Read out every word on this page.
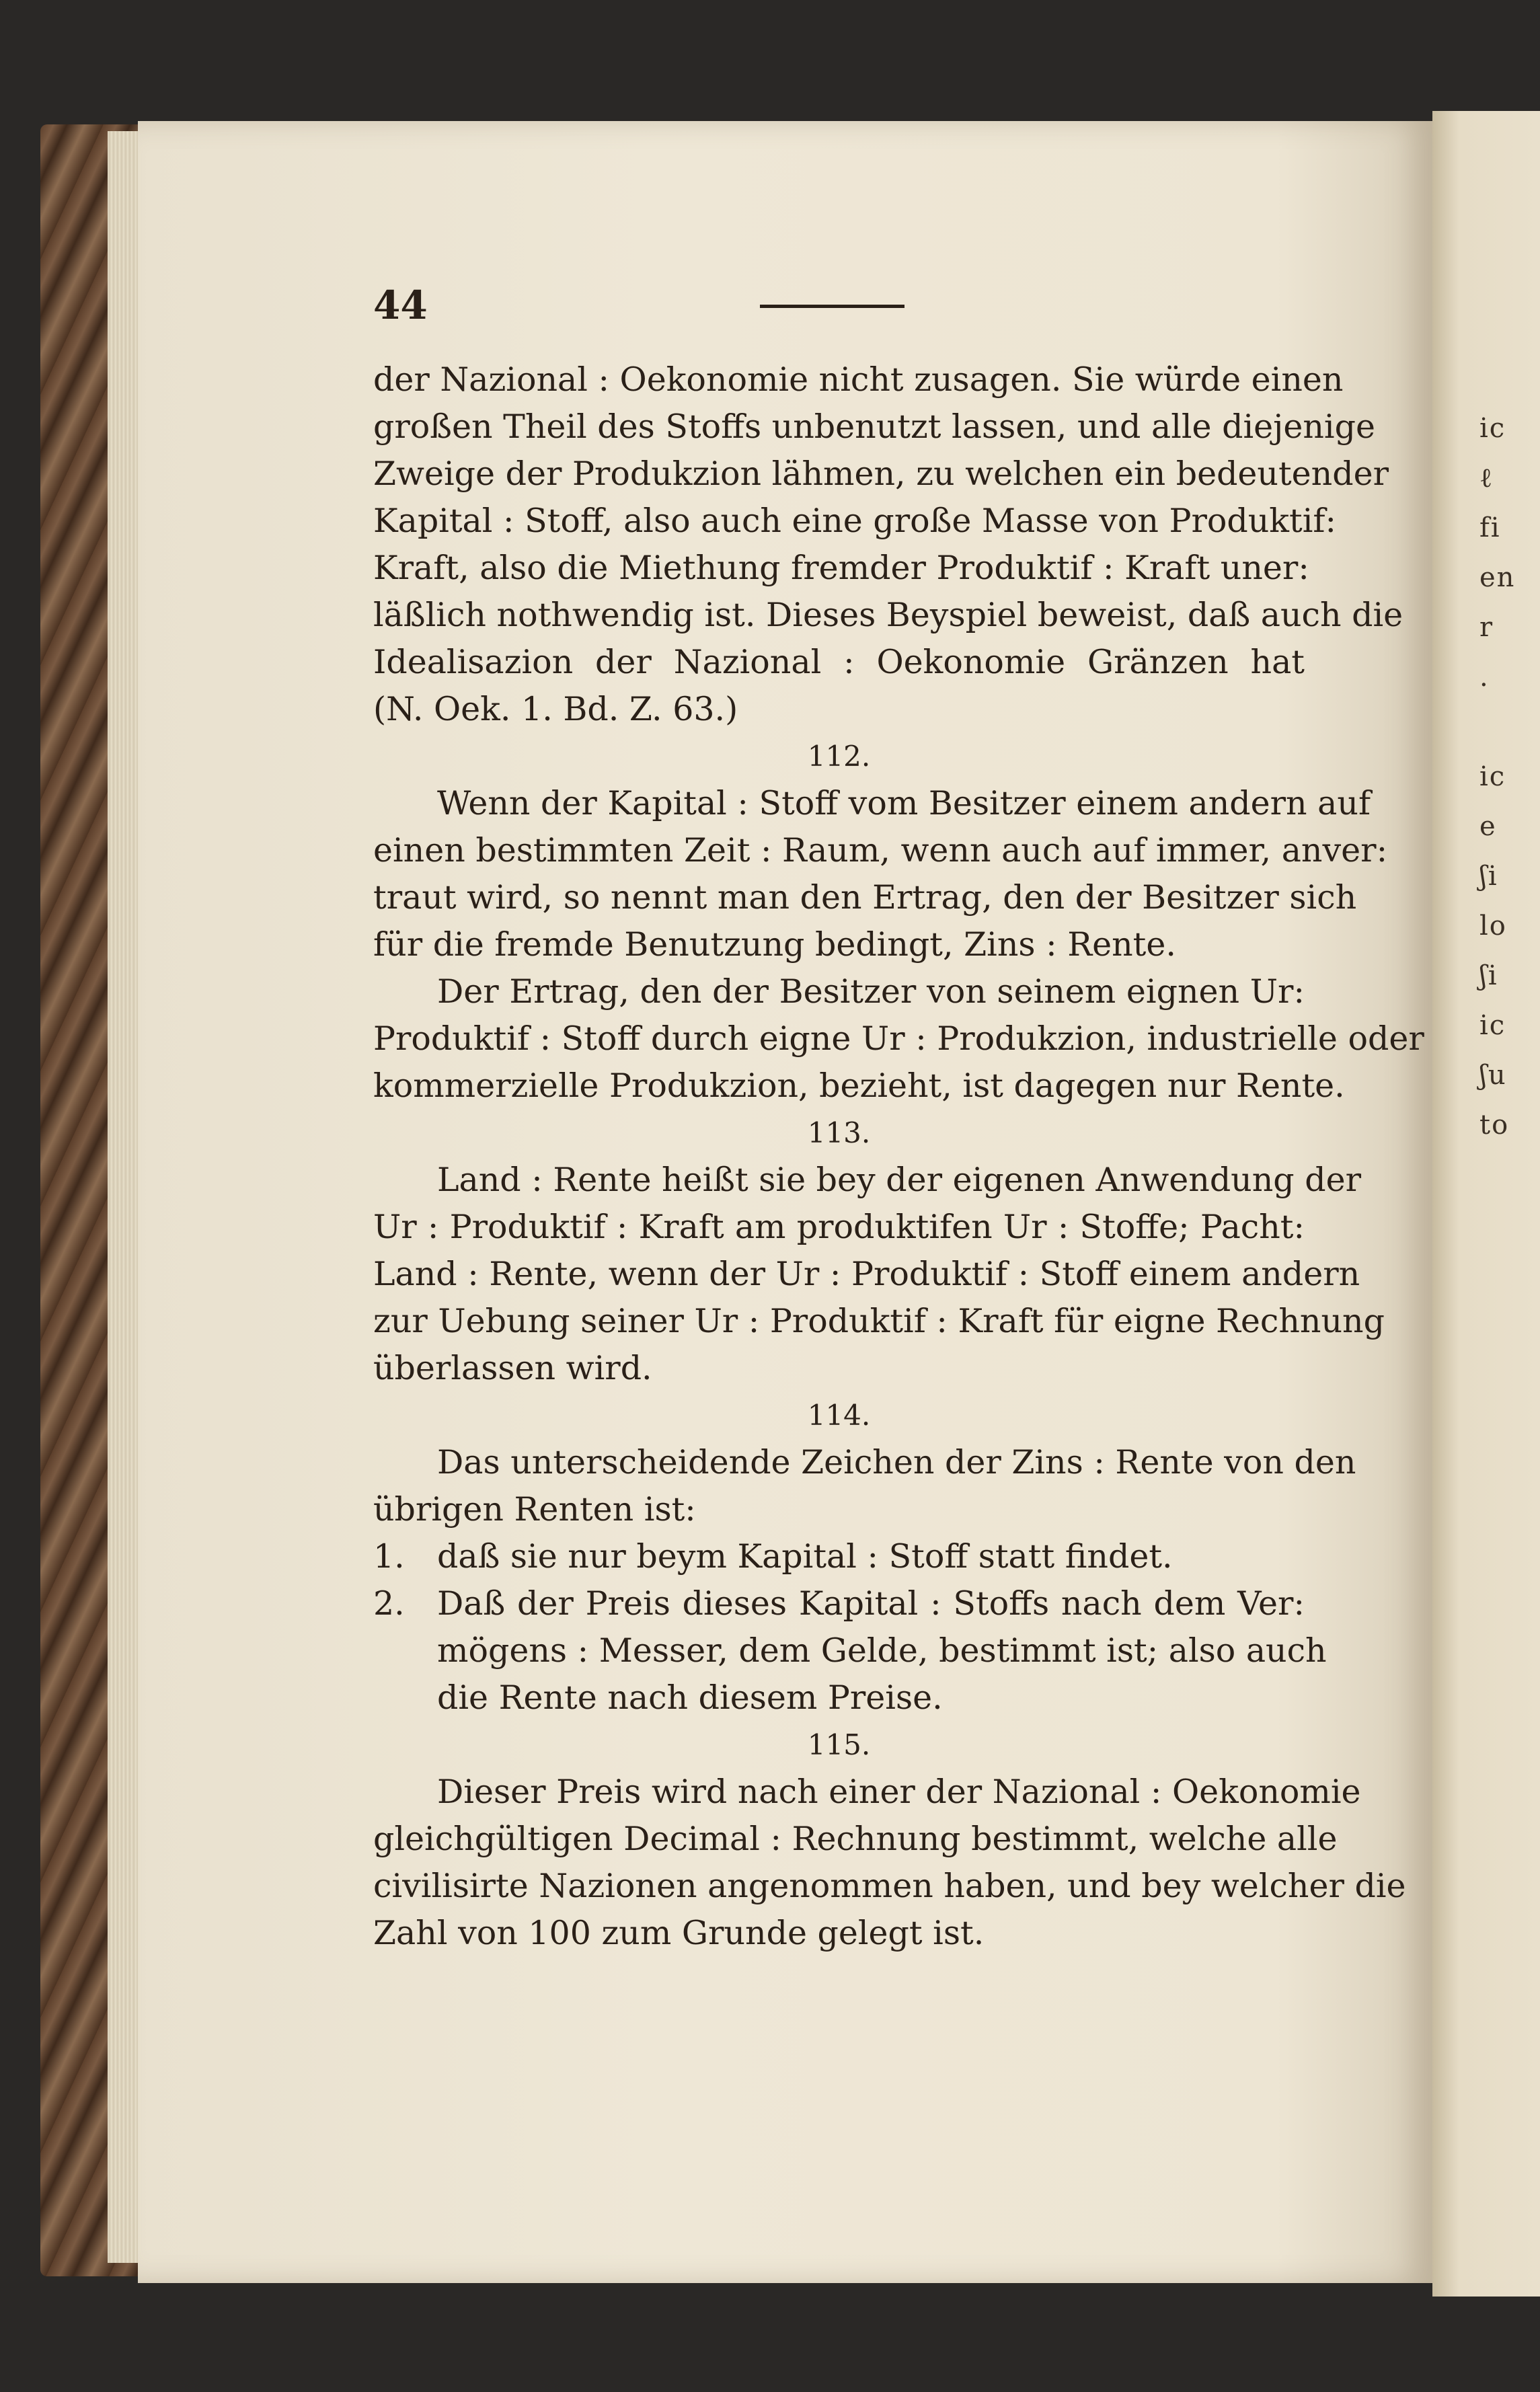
ic
ℓ
fi
en
r
.

ic
e
ʃi
lo
ʃi
ic
ʃu
to
44
der Nazional : Oekonomie nicht zusagen. Sie würde einen
großen Theil des Stoffs unbenutzt lassen, und alle diejenige
Zweige der Produkzion lähmen, zu welchen ein bedeutender
Kapital : Stoff, also auch eine große Masse von Produktif:
Kraft, also die Miethung fremder Produktif : Kraft uner:
läßlich nothwendig ist. Dieses Beyspiel beweist, daß auch die
Idealisazion der Nazional : Oekonomie Gränzen hat
(N. Oek. 1. Bd. Z. 63.)
112.
Wenn der Kapital : Stoff vom Besitzer einem andern auf
einen bestimmten Zeit : Raum, wenn auch auf immer, anver:
traut wird, so nennt man den Ertrag, den der Besitzer sich
für die fremde Benutzung bedingt, Zins : Rente.
Der Ertrag, den der Besitzer von seinem eignen Ur:
Produktif : Stoff durch eigne Ur : Produkzion, industrielle oder
kommerzielle Produkzion, bezieht, ist dagegen nur Rente.
113.
Land : Rente heißt sie bey der eigenen Anwendung der
Ur : Produktif : Kraft am produktifen Ur : Stoffe; Pacht:
Land : Rente, wenn der Ur : Produktif : Stoff einem andern
zur Uebung seiner Ur : Produktif : Kraft für eigne Rechnung
überlassen wird.
114.
Das unterscheidende Zeichen der Zins : Rente von den
übrigen Renten ist:
1. daß sie nur beym Kapital : Stoff statt findet.
2. Daß der Preis dieses Kapital : Stoffs nach dem Ver:
mögens : Messer, dem Gelde, bestimmt ist; also auch
die Rente nach diesem Preise.
115.
Dieser Preis wird nach einer der Nazional : Oekonomie
gleichgültigen Decimal : Rechnung bestimmt, welche alle
civilisirte Nazionen angenommen haben, und bey welcher die
Zahl von 100 zum Grunde gelegt ist.
